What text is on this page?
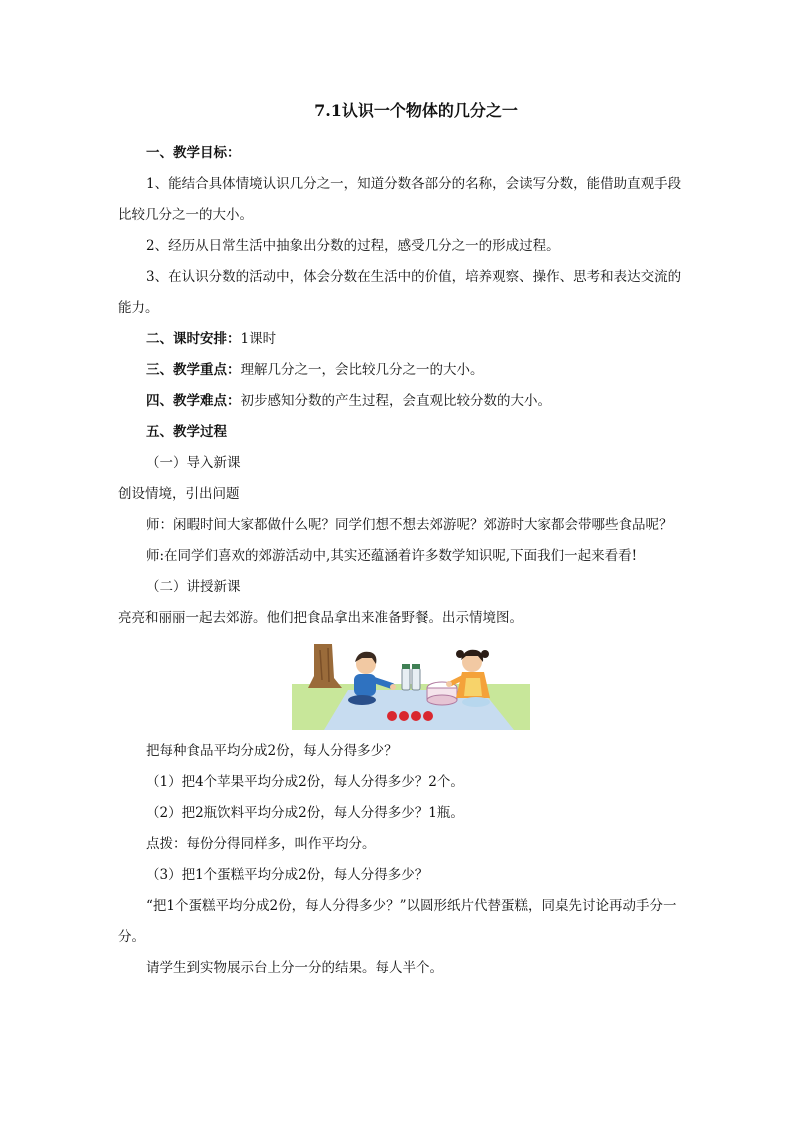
7.1认识一个物体的几分之一

一、教学目标：

1、能结合具体情境认识几分之一，知道分数各部分的名称，会读写分数，能借助直观手段比较几分之一的大小。

2、经历从日常生活中抽象出分数的过程，感受几分之一的形成过程。

3、在认识分数的活动中，体会分数在生活中的价值，培养观察、操作、思考和表达交流的能力。

二、课时安排：1课时

三、教学重点：理解几分之一，会比较几分之一的大小。

四、教学难点：初步感知分数的产生过程，会直观比较分数的大小。

五、教学过程

（一）导入新课

创设情境，引出问题

师：闲暇时间大家都做什么呢？同学们想不想去郊游呢？郊游时大家都会带哪些食品呢？

师:在同学们喜欢的郊游活动中,其实还蕴涵着许多数学知识呢,下面我们一起来看看!

（二）讲授新课

亮亮和丽丽一起去郊游。他们把食品拿出来准备野餐。出示情境图。

把每种食品平均分成2份，每人分得多少？

（1）把4个苹果平均分成2份，每人分得多少？2个。

（2）把2瓶饮料平均分成2份，每人分得多少？1瓶。

点拨：每份分得同样多，叫作平均分。

（3）把1个蛋糕平均分成2份，每人分得多少？

“把1个蛋糕平均分成2份，每人分得多少？”以圆形纸片代替蛋糕，同桌先讨论再动手分一分。

请学生到实物展示台上分一分的结果。每人半个。
